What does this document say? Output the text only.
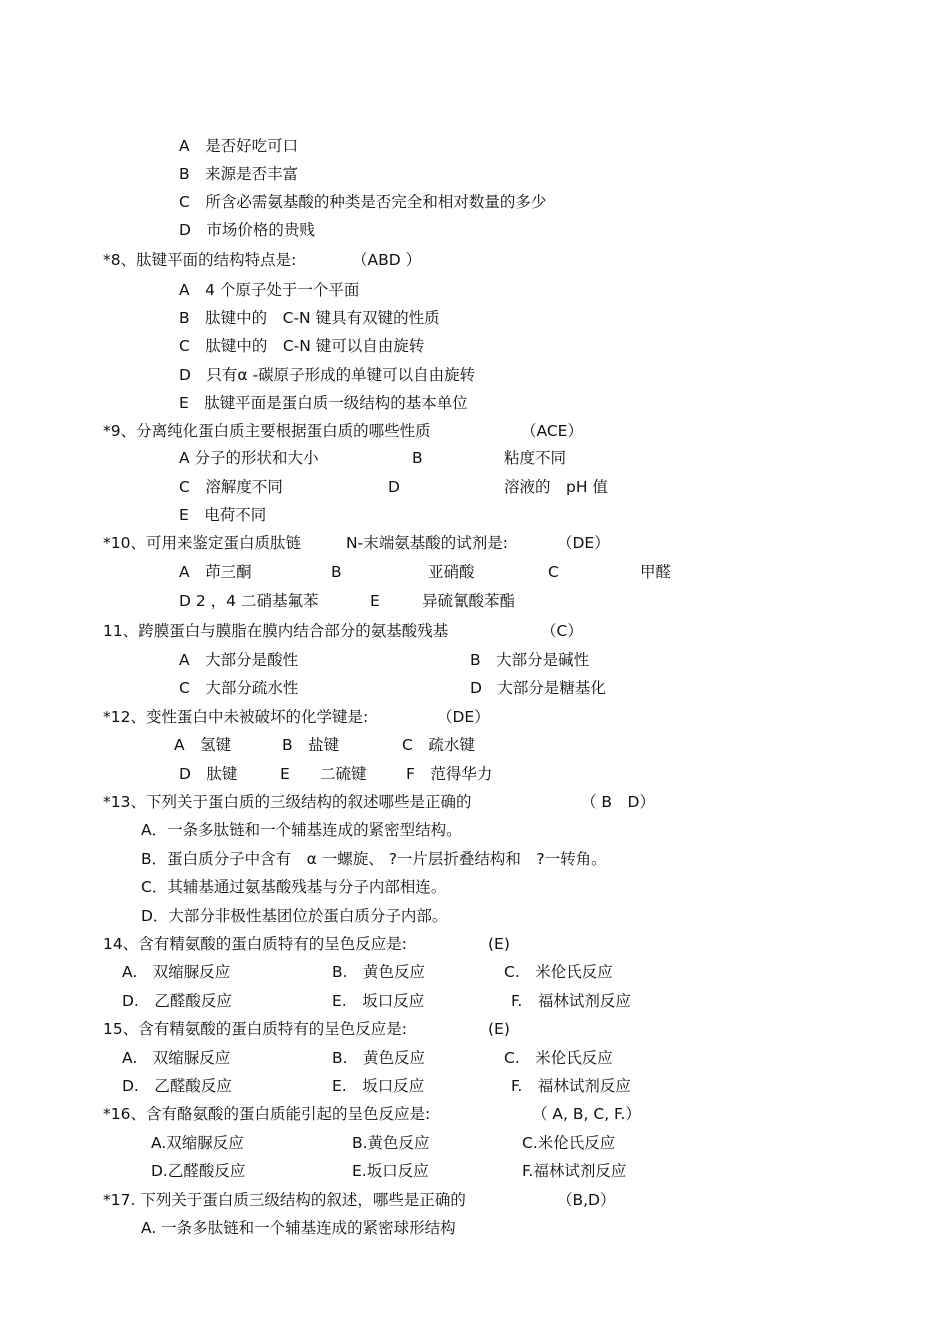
A　是否好吃可口
B　来源是否丰富
C　所含必需氨基酸的种类是否完全和相对数量的多少
D　市场价格的贵贱
*8、肽键平面的结构特点是:	（ABD ）
A　4 个原子处于一个平面
B　肽键中的　C-N 键具有双键的性质
C　肽键中的　C-N 键可以自由旋转
D　只有α -碳原子形成的单键可以自由旋转
E　肽键平面是蛋白质一级结构的基本单位
*9、分离纯化蛋白质主要根据蛋白质的哪些性质	（ACE）
A 分子的形状和大小	B	粘度不同
C　溶解度不同	D	溶液的　pH 值
E　电荷不同
*10、可用来鉴定蛋白质肽链	N-末端氨基酸的试剂是:	（DE）
A　茚三酮	B	亚硝酸	C	甲醛
D 2 ，4 二硝基氟苯	E	异硫氰酸苯酯
11、跨膜蛋白与膜脂在膜内结合部分的氨基酸残基	（C）
A　大部分是酸性	B　大部分是碱性
C　大部分疏水性	D　大部分是糖基化
*12、变性蛋白中未被破坏的化学键是:	（DE）
A　氢键	B　盐键	C　疏水键
D　肽键	E 二硫键	F　范得华力
*13、下列关于蛋白质的三级结构的叙述哪些是正确的	（ B　D）
A．一条多肽链和一个辅基连成的紧密型结构。
B．蛋白质分子中含有　α 一螺旋、 ?一片层折叠结构和　?一转角。
C．其辅基通过氨基酸残基与分子内部相连。
D．大部分非极性基团位於蛋白质分子内部。
14、含有精氨酸的蛋白质特有的呈色反应是:	(E)
A.　双缩脲反应	B.　黄色反应	C.　米伦氏反应
D.　乙醛酸反应	E.　坂口反应	F.　福林试剂反应
15、含有精氨酸的蛋白质特有的呈色反应是:	(E)
A.　双缩脲反应	B.　黄色反应	C.　米伦氏反应
D.　乙醛酸反应	E.　坂口反应	F.　福林试剂反应
*16、含有酪氨酸的蛋白质能引起的呈色反应是:	（ A, B, C, F.）
A.双缩脲反应	B.黄色反应	C.米伦氏反应
D.乙醛酸反应	E.坂口反应	F.福林试剂反应
*17. 下列关于蛋白质三级结构的叙述，哪些是正确的	（B,D）
A. 一条多肽链和一个辅基连成的紧密球形结构
